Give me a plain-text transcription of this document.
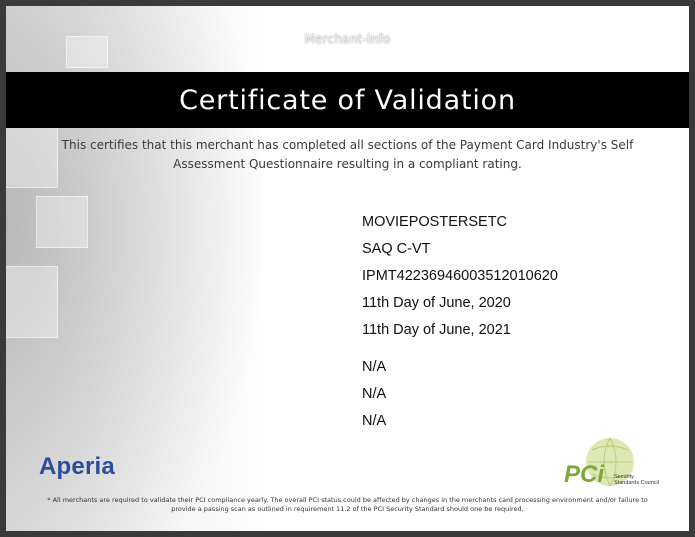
Merchant-Info
Certificate of Validation
This certifies that this merchant has completed all sections of the Payment Card Industry's Self Assessment Questionnaire resulting in a compliant rating.
MOVIEPOSTERSETC
SAQ C-VT
IPMT42236946003512010620
11th Day of June, 2020
11th Day of June, 2021
N/A
N/A
N/A
Aperia	PCi Security
Standards Council
* All merchants are required to validate their PCI compliance yearly. The overall PCI status could be affected by changes in the merchants card processing environment and/or failure to provide a passing scan as outlined in requirement 11.2 of the PCI Security Standard should one be required.
